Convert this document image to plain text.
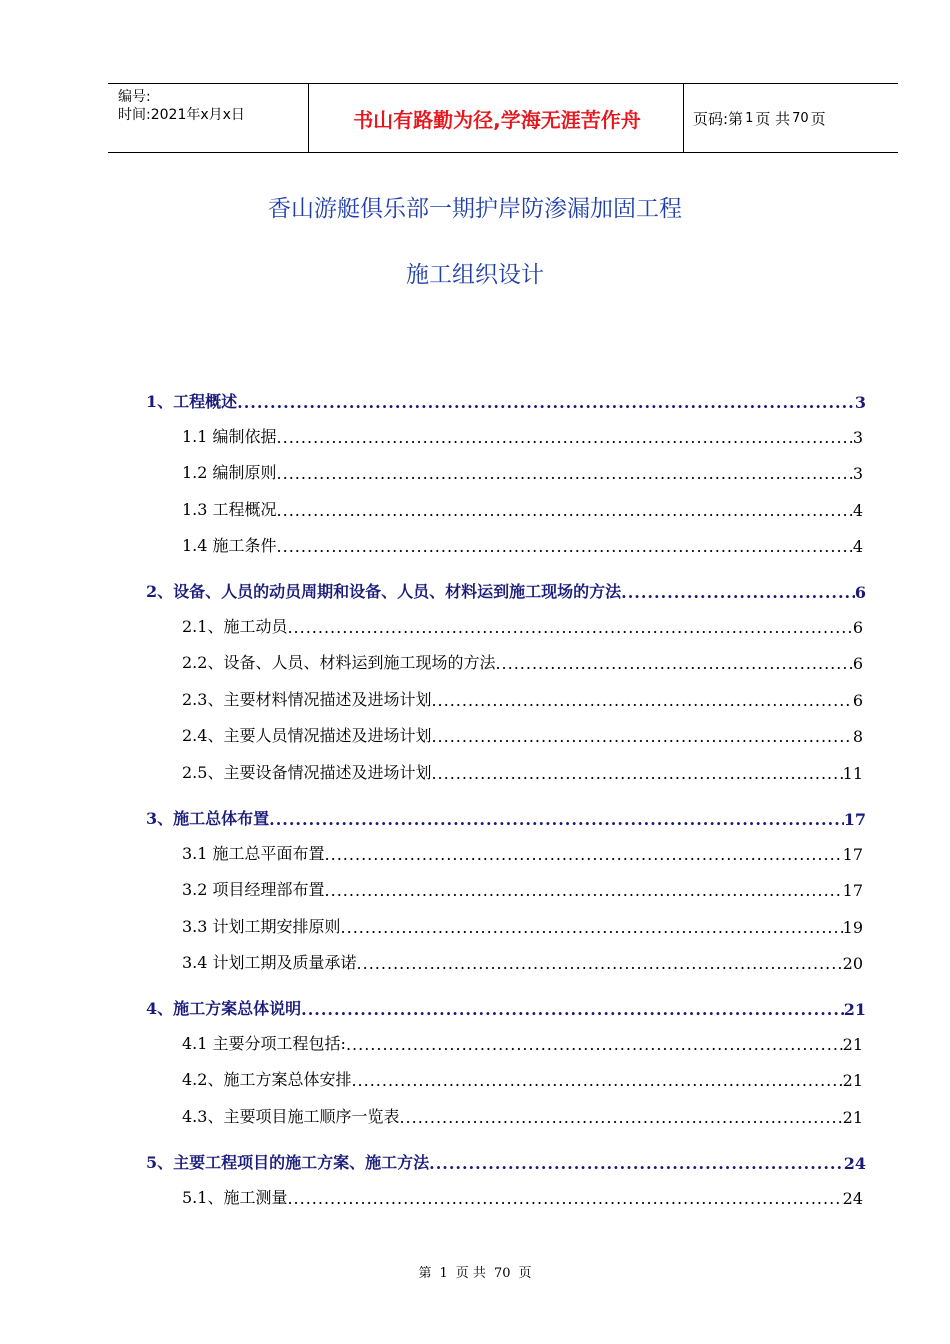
编号:
时间:2021年x月x日	书山有路勤为径,学海无涯苦作舟	页码:第 1 页 共 70 页
香山游艇俱乐部一期护岸防渗漏加固工程
施工组织设计
1、工程概述 .....	3
1.1 编制依据 .....	3
1.2 编制原则 .....	3
1.3 工程概况 .....	4
1.4 施工条件 .....	4
2、设备、人员的动员周期和设备、人员、材料运到施工现场的方法 .....	6
2.1、施工动员 .....	6
2.2、设备、人员、材料运到施工现场的方法 .....	6
2.3、主要材料情况描述及进场计划 .....	6
2.4、主要人员情况描述及进场计划 .....	8
2.5、主要设备情况描述及进场计划 .....	11
3、施工总体布置 .....	17
3.1 施工总平面布置 .....	17
3.2 项目经理部布置 .....	17
3.3 计划工期安排原则 .....	19
3.4 计划工期及质量承诺 .....	20
4、施工方案总体说明 .....	21
4.1 主要分项工程包括: .....	21
4.2、施工方案总体安排 .....	21
4.3、主要项目施工顺序一览表 .....	21
5、主要工程项目的施工方案、施工方法 .....	24
5.1、施工测量 .....	24
第 1 页 共 70 页
